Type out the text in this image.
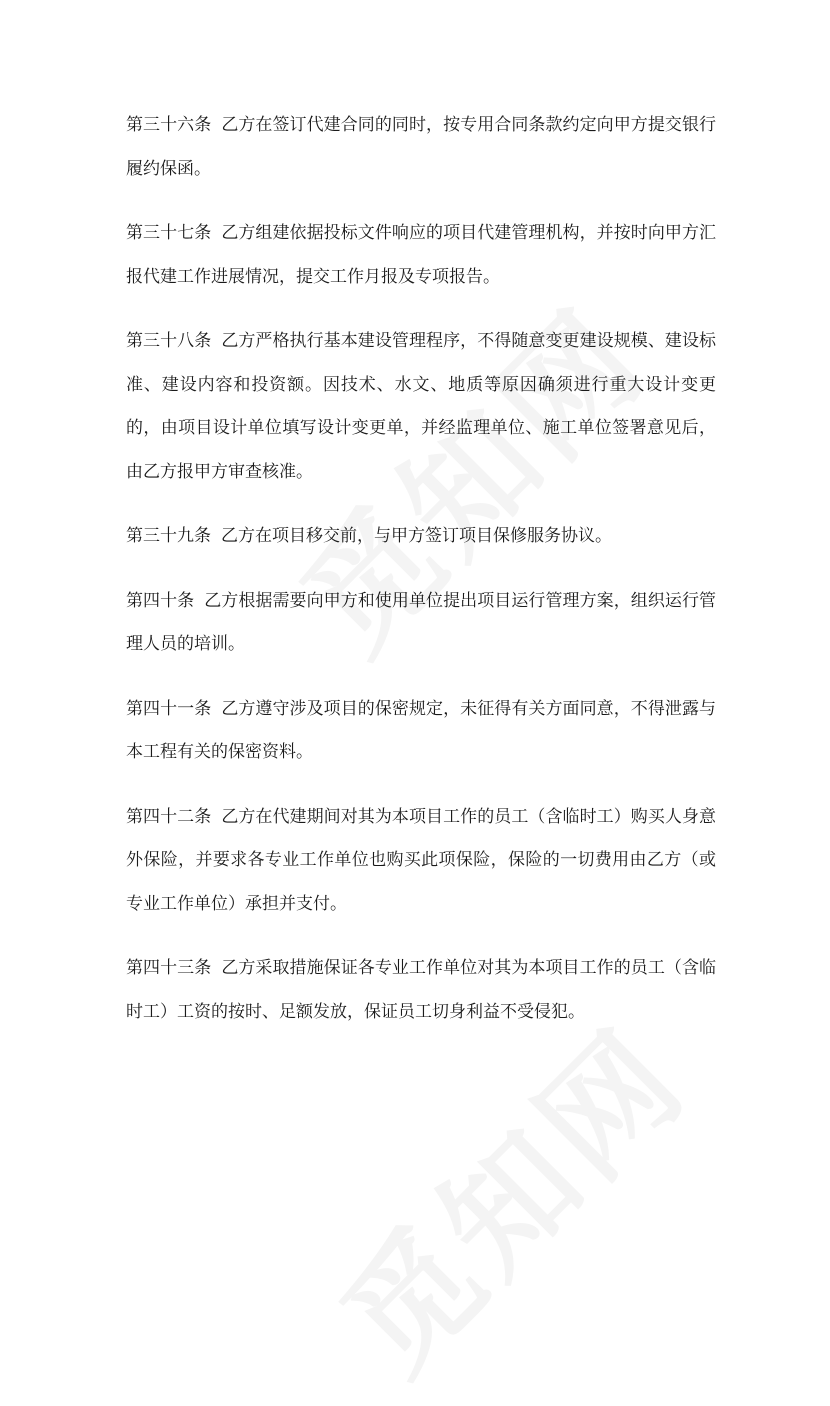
第三十六条 乙方在签订代建合同的同时，按专用合同条款约定向甲方提交银行履约保函。

第三十七条 乙方组建依据投标文件响应的项目代建管理机构，并按时向甲方汇报代建工作进展情况，提交工作月报及专项报告。

第三十八条 乙方严格执行基本建设管理程序，不得随意变更建设规模、建设标准、建设内容和投资额。因技术、水文、地质等原因确须进行重大设计变更的，由项目设计单位填写设计变更单，并经监理单位、施工单位签署意见后，由乙方报甲方审查核准。

第三十九条 乙方在项目移交前，与甲方签订项目保修服务协议。

第四十条 乙方根据需要向甲方和使用单位提出项目运行管理方案，组织运行管理人员的培训。

第四十一条 乙方遵守涉及项目的保密规定，未征得有关方面同意，不得泄露与本工程有关的保密资料。

第四十二条 乙方在代建期间对其为本项目工作的员工（含临时工）购买人身意外保险，并要求各专业工作单位也购买此项保险，保险的一切费用由乙方（或专业工作单位）承担并支付。

第四十三条 乙方采取措施保证各专业工作单位对其为本项目工作的员工（含临时工）工资的按时、足额发放，保证员工切身利益不受侵犯。
